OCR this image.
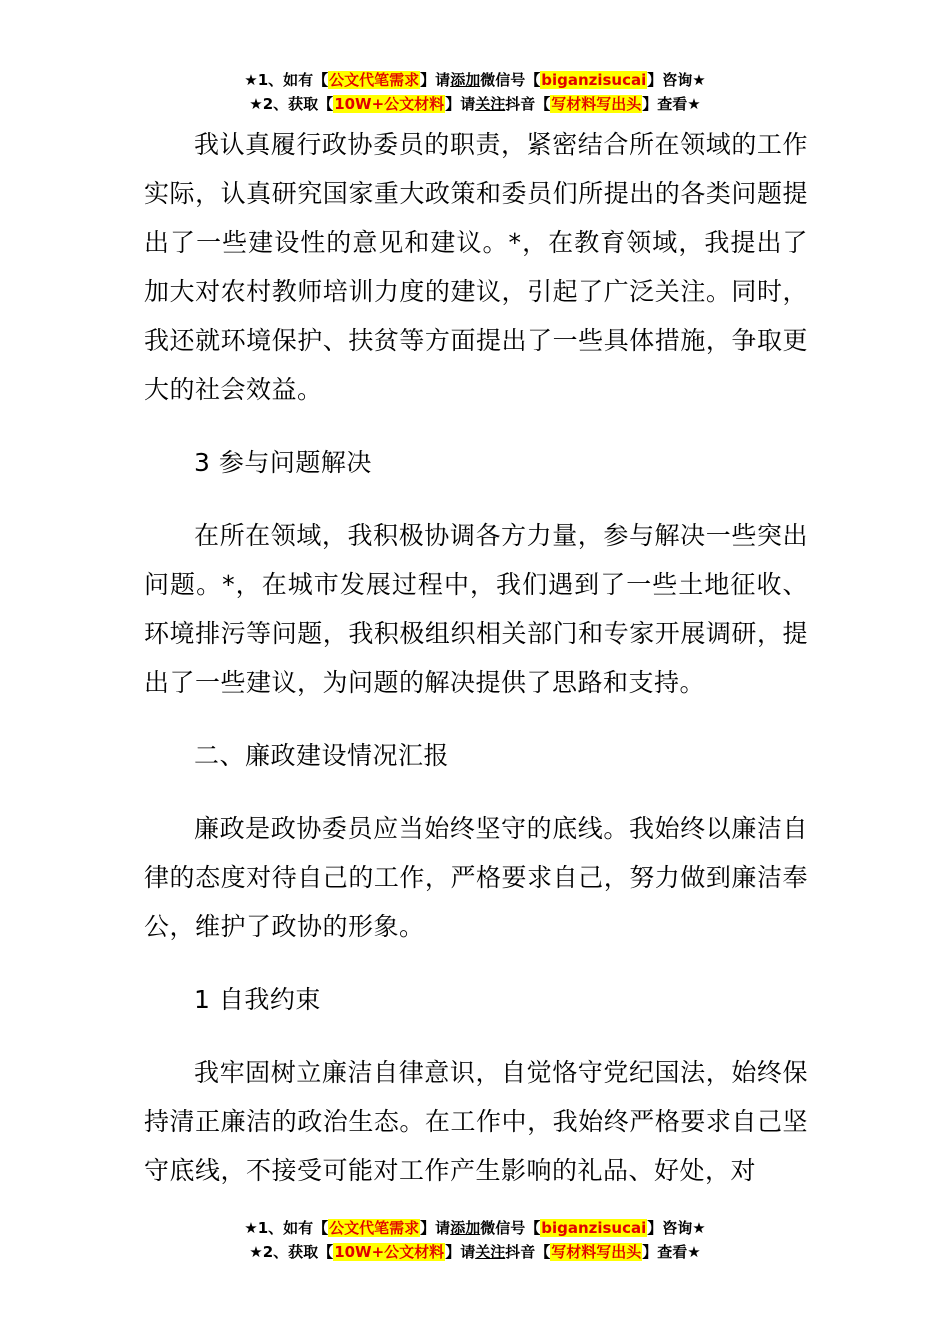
★1、如有【公文代笔需求】请添加微信号【biganzisucai】咨询★
★2、获取【10W+公文材料】请关注抖音【写材料写出头】查看★

我认真履行政协委员的职责，紧密结合所在领域的工作实际，认真研究国家重大政策和委员们所提出的各类问题提出了一些建设性的意见和建议。*，在教育领域，我提出了加大对农村教师培训力度的建议，引起了广泛关注。同时，我还就环境保护、扶贫等方面提出了一些具体措施，争取更大的社会效益。

3 参与问题解决

在所在领域，我积极协调各方力量，参与解决一些突出问题。*，在城市发展过程中，我们遇到了一些土地征收、环境排污等问题，我积极组织相关部门和专家开展调研，提出了一些建议，为问题的解决提供了思路和支持。

二、廉政建设情况汇报

廉政是政协委员应当始终坚守的底线。我始终以廉洁自律的态度对待自己的工作，严格要求自己，努力做到廉洁奉公，维护了政协的形象。

1 自我约束

我牢固树立廉洁自律意识，自觉恪守党纪国法，始终保持清正廉洁的政治生态。在工作中，我始终严格要求自己坚守底线，不接受可能对工作产生影响的礼品、好处，对

★1、如有【公文代笔需求】请添加微信号【biganzisucai】咨询★
★2、获取【10W+公文材料】请关注抖音【写材料写出头】查看★
